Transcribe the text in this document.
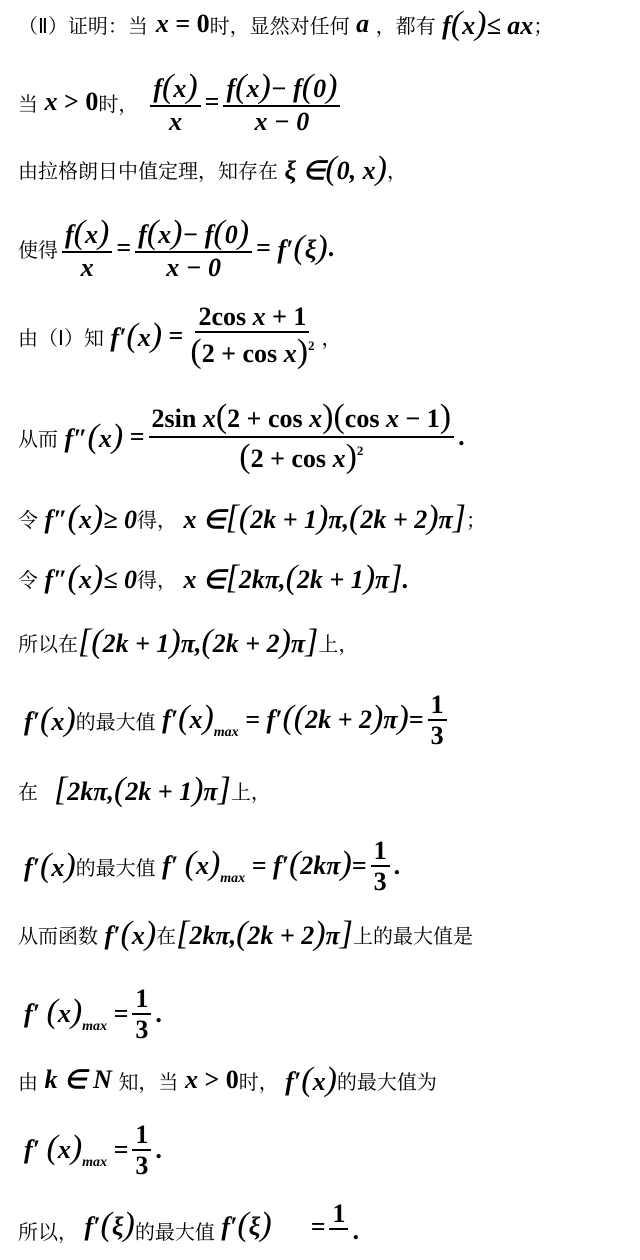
（Ⅱ）证明：当 x = 0 时，显然对任何 a ，都有 f(x)≤ ax ；
当 x > 0 时， $\frac{f(x)}{x} = \frac{f(x)- f(0)}{x - 0}$
由拉格朗日中值定理，知存在 ξ ∈(0, x) ，
使得 $\frac{f(x)}{x} = \frac{f(x)- f(0)}{x - 0} = f'(\xi)$ .
由（Ⅰ）知 $f'(x) = \frac{\text{2cos x + 1}}{(2 + \cos x)^2}$ ，
从而 $f''(x) = \frac{\text{2sin x(2 + cos x)(cos x − 1)}}{(2 + \cos x)^2}$ .
令 f″(x)≥ 0 得， x ∈[(2k + 1)π,(2k + 2)π] ；
令 f″(x)≤ 0 得， x ∈[2kπ,(2k + 1)π].
所以在 [(2k + 1)π,(2k + 2)π] 上，
f′(x) 的最大值 $f'(x)_{max} = f'((2k + 2)\pi) = \frac{1}{3}$
在 [2kπ,(2k + 1)π] 上，
f′(x) 的最大值 f′ $(x)_{max} = f'(2k\pi) = \frac{1}{3}$ .
从而函数 f′(x) 在 [2kπ,(2k + 2)π] 上的最大值是
f′ $(x)_{max} = \frac{1}{3}$ .
由 k ∈ N 知，当 x > 0 时， f′(x) 的最大值为
f′ $(x)_{max} = \frac{1}{3}$ .
所以， f′(ξ) 的最大值 f′(ξ)      = 1
.
